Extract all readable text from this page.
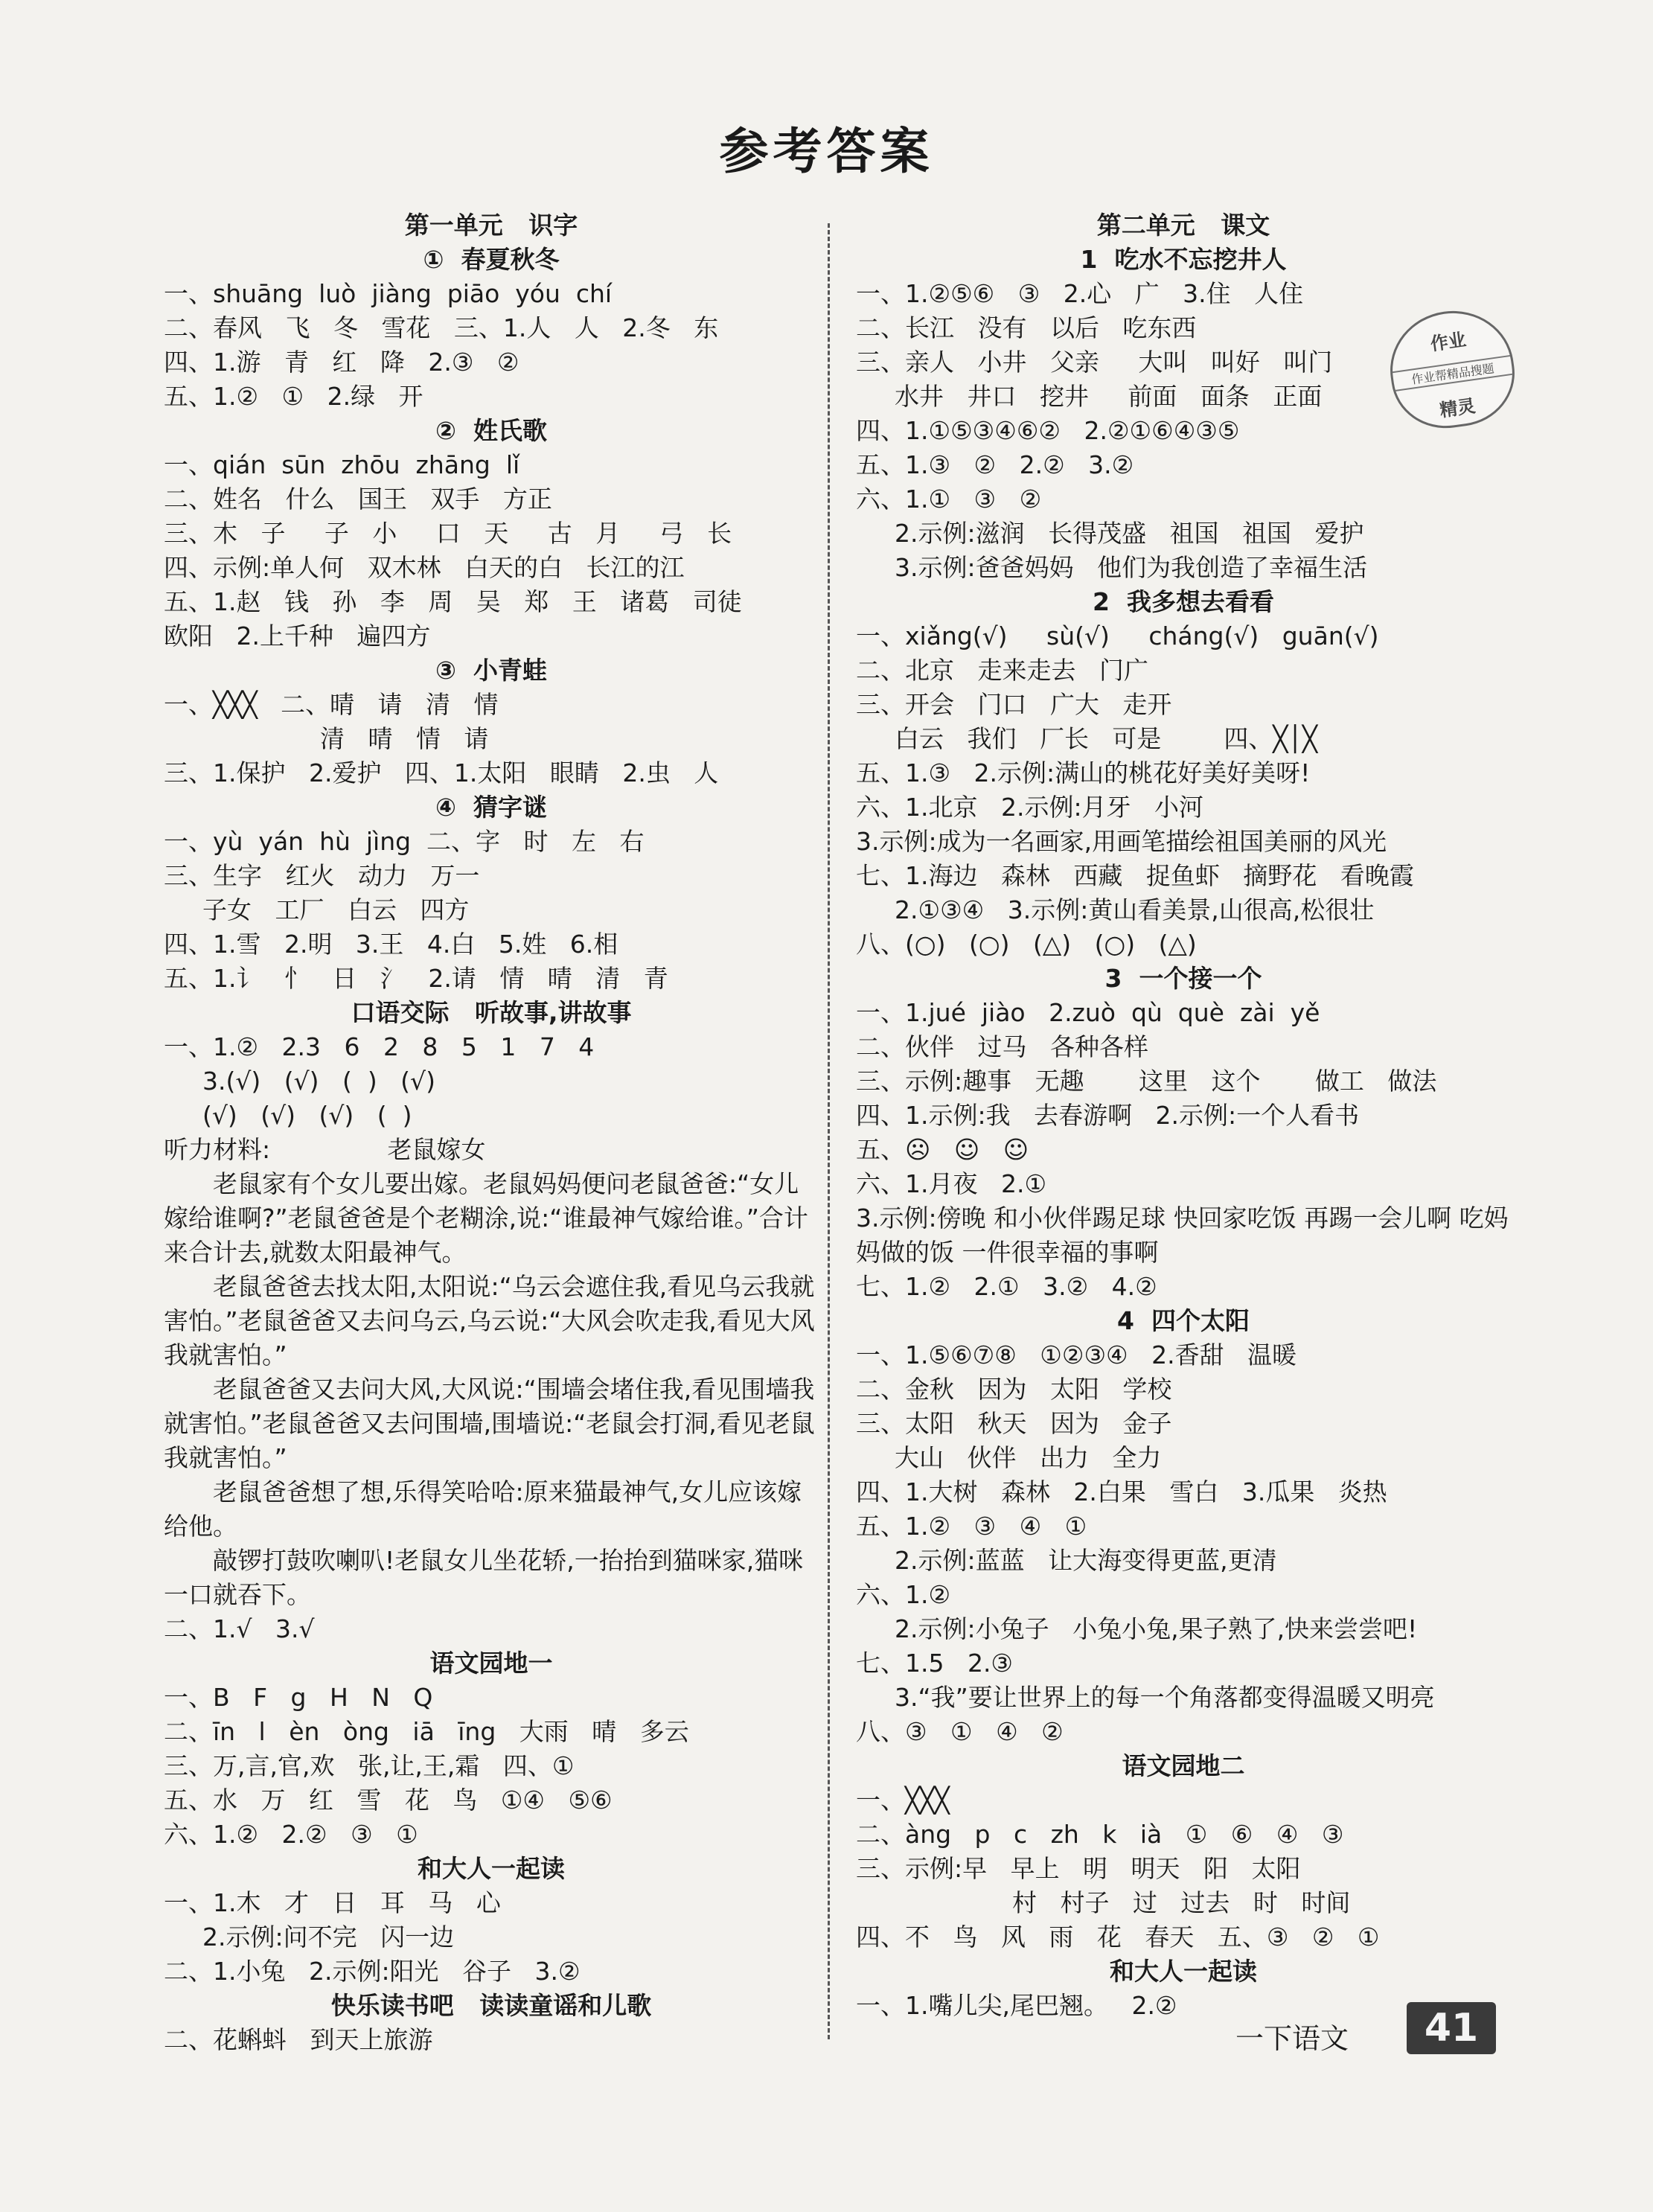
参考答案
第一单元   识字
①  春夏秋冬
一、shuāng  luò  jiàng  piāo  yóu  chí
二、春风   飞   冬   雪花   三、1.人   人   2.冬   东
四、1.游   青   红   降   2.③   ②
五、1.②   ①   2.绿   开
②  姓氏歌
一、qián  sūn  zhōu  zhāng  lǐ
二、姓名   什么   国王   双手   方正
三、木   子     子   小     口   天     古   月     弓   长
四、示例:单人何   双木林   白天的白   长江的江
五、1.赵   钱   孙   李   周   吴   郑   王   诸葛   司徒
欧阳   2.上千种   遍四方
③  小青蛙
一、╳╳╳   二、晴   请   清   情
清   晴   情   请
三、1.保护   2.爱护   四、1.太阳   眼睛   2.虫   人
④  猜字谜
一、yù  yán  hù  jìng  二、字   时   左   右
三、生字   红火   动力   万一
子女   工厂   白云   四方
四、1.雪   2.明   3.王   4.白   5.姓   6.相
五、1.讠   忄   日   氵   2.请   情   晴   清   青
口语交际   听故事,讲故事
一、1.②   2.3   6   2   8   5   1   7   4
3.(√)   (√)   (  )   (√)
(√)   (√)   (√)   (  )
听力材料:               老鼠嫁女
老鼠家有个女儿要出嫁。老鼠妈妈便问老鼠爸爸:“女儿嫁给谁啊?”老鼠爸爸是个老糊涂,说:“谁最神气嫁给谁。”合计来合计去,就数太阳最神气。
老鼠爸爸去找太阳,太阳说:“乌云会遮住我,看见乌云我就害怕。”老鼠爸爸又去问乌云,乌云说:“大风会吹走我,看见大风我就害怕。”
老鼠爸爸又去问大风,大风说:“围墙会堵住我,看见围墙我就害怕。”老鼠爸爸又去问围墙,围墙说:“老鼠会打洞,看见老鼠我就害怕。”
老鼠爸爸想了想,乐得笑哈哈:原来猫最神气,女儿应该嫁给他。
敲锣打鼓吹喇叭!老鼠女儿坐花轿,一抬抬到猫咪家,猫咪一口就吞下。
二、1.√   3.√
语文园地一
一、B   F   g   H   N   Q
二、īn   l   èn   òng   iā   īng   大雨   晴   多云
三、万,言,官,欢   张,让,王,霜   四、①
五、水   万   红   雪   花   鸟   ①④   ⑤⑥
六、1.②   2.②   ③   ①
和大人一起读
一、1.木   才   日   耳   马   心
2.示例:问不完   闪一边
二、1.小兔   2.示例:阳光   谷子   3.②
快乐读书吧   读读童谣和儿歌
二、花蝌蚪   到天上旅游
第二单元   课文
1  吃水不忘挖井人
一、1.②⑤⑥   ③   2.心   广   3.住   人住
二、长江   没有   以后   吃东西
三、亲人   小井   父亲     大叫   叫好   叫门
水井   井口   挖井     前面   面条   正面
四、1.①⑤③④⑥②   2.②①⑥④③⑤
五、1.③   ②   2.②   3.②
六、1.①   ③   ②
2.示例:滋润   长得茂盛   祖国   祖国   爱护
3.示例:爸爸妈妈   他们为我创造了幸福生活
2  我多想去看看
一、xiǎng(√)     sù(√)     cháng(√)   guān(√)
二、北京   走来走去   门广
三、开会   门口   广大   走开
白云   我们   厂长   可是        四、╳│╳
五、1.③   2.示例:满山的桃花好美好美呀!
六、1.北京   2.示例:月牙   小河
3.示例:成为一名画家,用画笔描绘祖国美丽的风光
七、1.海边   森林   西藏   捉鱼虾   摘野花   看晚霞
2.①③④   3.示例:黄山看美景,山很高,松很壮
八、(○)   (○)   (△)   (○)   (△)
3  一个接一个
一、1.jué  jiào   2.zuò  qù  què  zài  yě
二、伙伴   过马   各种各样
三、示例:趣事   无趣       这里   这个       做工   做法
四、1.示例:我   去春游啊   2.示例:一个人看书
五、☹   ☺   ☺
六、1.月夜   2.①
3.示例:傍晚 和小伙伴踢足球 快回家吃饭 再踢一会儿啊 吃妈妈做的饭 一件很幸福的事啊
七、1.②   2.①   3.②   4.②
4  四个太阳
一、1.⑤⑥⑦⑧   ①②③④   2.香甜   温暖
二、金秋   因为   太阳   学校
三、太阳   秋天   因为   金子
大山   伙伴   出力   全力
四、1.大树   森林   2.白果   雪白   3.瓜果   炎热
五、1.②   ③   ④   ①
2.示例:蓝蓝   让大海变得更蓝,更清
六、1.②
2.示例:小兔子   小兔小兔,果子熟了,快来尝尝吧!
七、1.5   2.③
3.“我”要让世界上的每一个角落都变得温暖又明亮
八、③   ①   ④   ②
语文园地二
一、╳╳╳
二、àng   p   c   zh   k   ià   ①   ⑥   ④   ③
三、示例:早   早上   明   明天   阳   太阳
村   村子   过   过去   时   时间
四、不   鸟   风   雨   花   春天   五、③   ②   ①
和大人一起读
一、1.嘴儿尖,尾巴翘。   2.②
作业
作业帮精品搜题
精灵
一下语文	41
